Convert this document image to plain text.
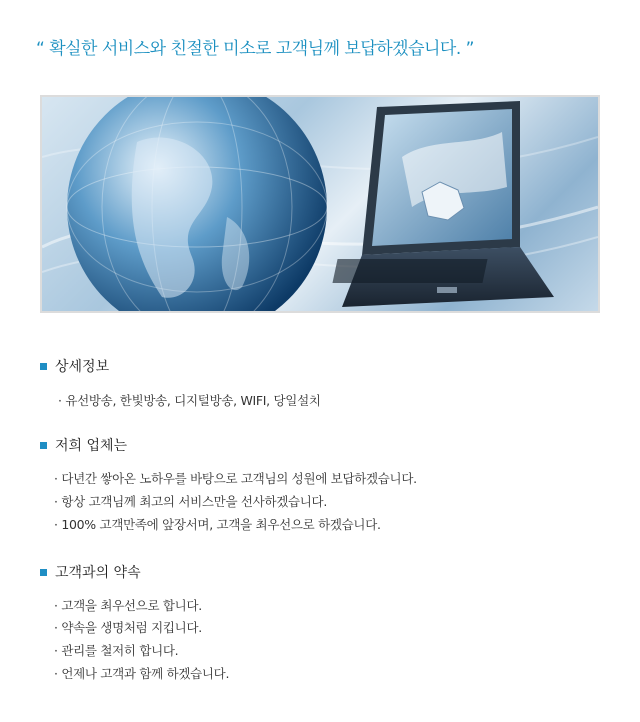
“ 확실한 서비스와 친절한 미소로 고객님께 보답하겠습니다. ”
상세정보
· 유선방송, 한빛방송, 디지털방송, WIFI, 당일설치
저희 업체는
· 다년간 쌓아온 노하우를 바탕으로 고객님의 성원에 보답하겠습니다.
· 항상 고객님께 최고의 서비스만을 선사하겠습니다.
· 100% 고객만족에 앞장서며, 고객을 최우선으로 하겠습니다.
고객과의 약속
· 고객을 최우선으로 합니다.
· 약속을 생명처럼 지킵니다.
· 관리를 철저히 합니다.
· 언제나 고객과 함께 하겠습니다.
